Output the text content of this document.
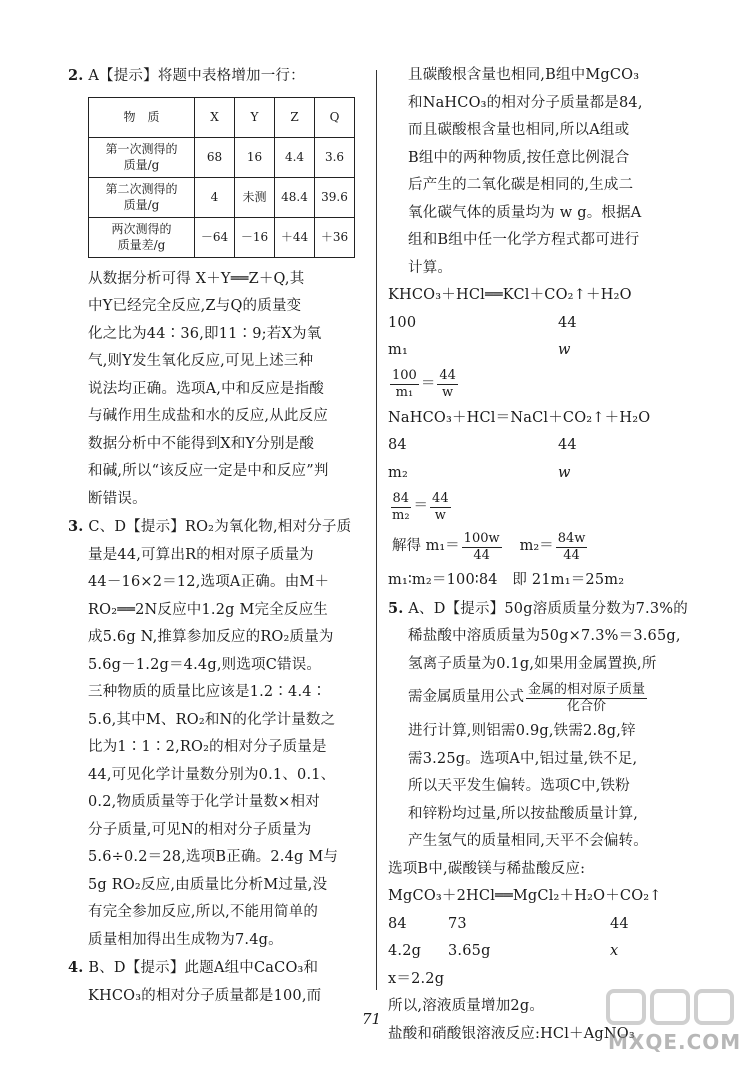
2. A【提示】将题中表格增加一行：
物　质	X	Y	Z	Q
第一次测得的
质量/g	68	16	4.4	3.6
第二次测得的
质量/g	4	未测	48.4	39.6
两次测得的
质量差/g	－64	－16	＋44	＋36
从数据分析可得 X＋Y══Z＋Q,其
中Y已经完全反应,Z与Q的质量变
化之比为44∶36,即11∶9;若X为氧
气,则Y发生氧化反应,可见上述三种
说法均正确。选项A,中和反应是指酸
与碱作用生成盐和水的反应,从此反应
数据分析中不能得到X和Y分别是酸
和碱,所以“该反应一定是中和反应”判
断错误。
3. C、D【提示】RO₂为氧化物,相对分子质
量是44,可算出R的相对原子质量为
44－16×2＝12,选项A正确。由M＋
RO₂══2N反应中1.2g M完全反应生
成5.6g N,推算参加反应的RO₂质量为
5.6g－1.2g＝4.4g,则选项C错误。
三种物质的质量比应该是1.2∶4.4∶
5.6,其中M、RO₂和N的化学计量数之
比为1∶1∶2,RO₂的相对分子质量是
44,可见化学计量数分别为0.1、0.1、
0.2,物质质量等于化学计量数×相对
分子质量,可见N的相对分子质量为
5.6÷0.2＝28,选项B正确。2.4g M与
5g RO₂反应,由质量比分析M过量,没
有完全参加反应,所以,不能用简单的
质量相加得出生成物为7.4g。
4. B、D【提示】此题A组中CaCO₃和
KHCO₃的相对分子质量都是100,而
且碳酸根含量也相同,B组中MgCO₃
和NaHCO₃的相对分子质量都是84,
而且碳酸根含量也相同,所以A组或
B组中的两种物质,按任意比例混合
后产生的二氧化碳是相同的,生成二
氧化碳气体的质量均为 w g。根据A
组和B组中任一化学方程式都可进行
计算。
KHCO₃＋HCl══KCl＋CO₂↑＋H₂O
100	44
m₁	w
$\frac{100}{\text{m₁}} = \frac{44}{w}$
NaHCO₃＋HCl＝NaCl＋CO₂↑＋H₂O
84	44
m₂	w
$\frac{84}{\text{m₂}} = \frac{44}{w}$
解得 $m_1= \frac{100w}{44}$	$m_2= \frac{84w}{44}$
m₁∶m₂＝100∶84　即 21m₁＝25m₂
5. A、D【提示】50g溶质质量分数为7.3%的
稀盐酸中溶质质量为50g×7.3%＝3.65g,
氢离子质量为0.1g,如果用金属置换,所
需金属质量用公式 $\frac{\text{金属的相对原子质量}}{\text{化合价}}$
进行计算,则铝需0.9g,铁需2.8g,锌
需3.25g。选项A中,铝过量,铁不足,
所以天平发生偏转。选项C中,铁粉
和锌粉均过量,所以按盐酸质量计算,
产生氢气的质量相同,天平不会偏转。
选项B中,碳酸镁与稀盐酸反应:
MgCO₃＋2HCl══MgCl₂＋H₂O＋CO₂↑
84	73	44
4.2g 3.65g	x
x＝2.2g
所以,溶液质量增加2g。
盐酸和硝酸银溶液反应:HCl＋AgNO₃
71
MXQE.COM
